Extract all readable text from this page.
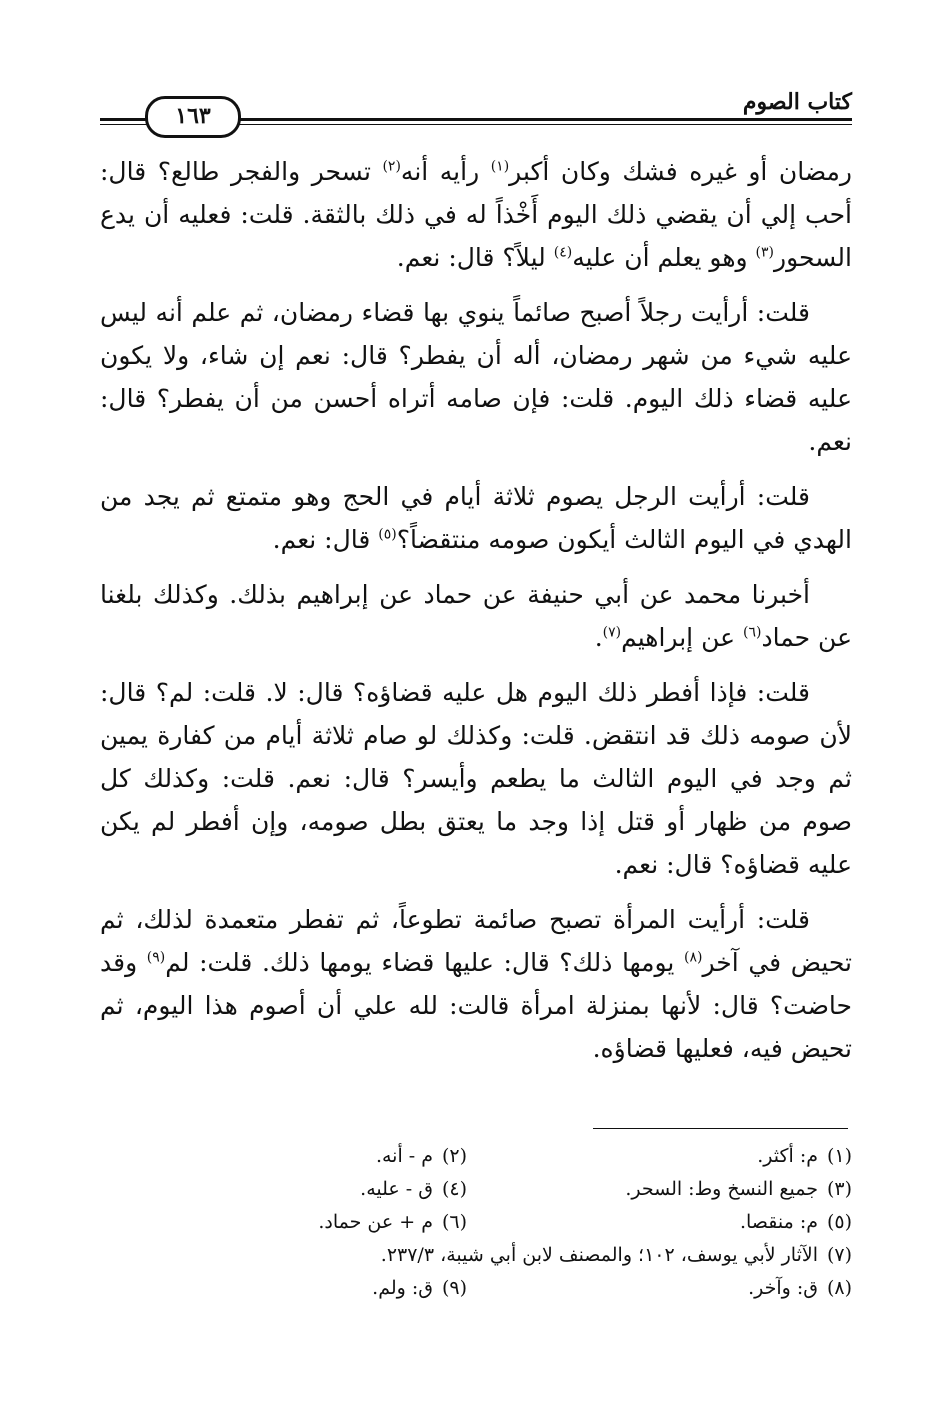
كتاب الصوم
١٦٣

رمضان أو غيره فشك وكان أكبر$^{(١)}$ رأيه أنه$^{(٢)}$ تسحر والفجر طالع؟ قال: أحب إلي أن يقضي ذلك اليوم أَخْذاً له في ذلك بالثقة. قلت: فعليه أن يدع السحور$^{(٣)}$ وهو يعلم أن عليه$^{(٤)}$ ليلاً؟ قال: نعم.

قلت: أرأيت رجلاً أصبح صائماً ينوي بها قضاء رمضان، ثم علم أنه ليس عليه شيء من شهر رمضان، أله أن يفطر؟ قال: نعم إن شاء، ولا يكون عليه قضاء ذلك اليوم. قلت: فإن صامه أتراه أحسن من أن يفطر؟ قال: نعم.

قلت: أرأيت الرجل يصوم ثلاثة أيام في الحج وهو متمتع ثم يجد من الهدي في اليوم الثالث أيكون صومه منتقضاً؟$^{(٥)}$ قال: نعم.

أخبرنا محمد عن أبي حنيفة عن حماد عن إبراهيم بذلك. وكذلك بلغنا عن حماد$^{(٦)}$ عن إبراهيم$^{(٧)}$.

قلت: فإذا أفطر ذلك اليوم هل عليه قضاؤه؟ قال: لا. قلت: لم؟ قال: لأن صومه ذلك قد انتقض. قلت: وكذلك لو صام ثلاثة أيام من كفارة يمين ثم وجد في اليوم الثالث ما يطعم وأيسر؟ قال: نعم. قلت: وكذلك كل صوم من ظهار أو قتل إذا وجد ما يعتق بطل صومه، وإن أفطر لم يكن عليه قضاؤه؟ قال: نعم.

قلت: أرأيت المرأة تصبح صائمة تطوعاً، ثم تفطر متعمدة لذلك، ثم تحيض في آخر$^{(٨)}$ يومها ذلك؟ قال: عليها قضاء يومها ذلك. قلت: لم$^{(٩)}$ وقد حاضت؟ قال: لأنها بمنزلة امرأة قالت: لله علي أن أصوم هذا اليوم، ثم تحيض فيه، فعليها قضاؤه.

(١)م: أكثر.
(٢)م - أنه.
(٣)جميع النسخ وط: السحر.
(٤)ق - عليه.
(٥)م: منقصا.
(٦)م + عن حماد.
(٧)الآثار لأبي يوسف، ١٠٢؛ والمصنف لابن أبي شيبة، ٢٣٧/٣.
(٨)ق: وآخر.
(٩)ق: ولم.
